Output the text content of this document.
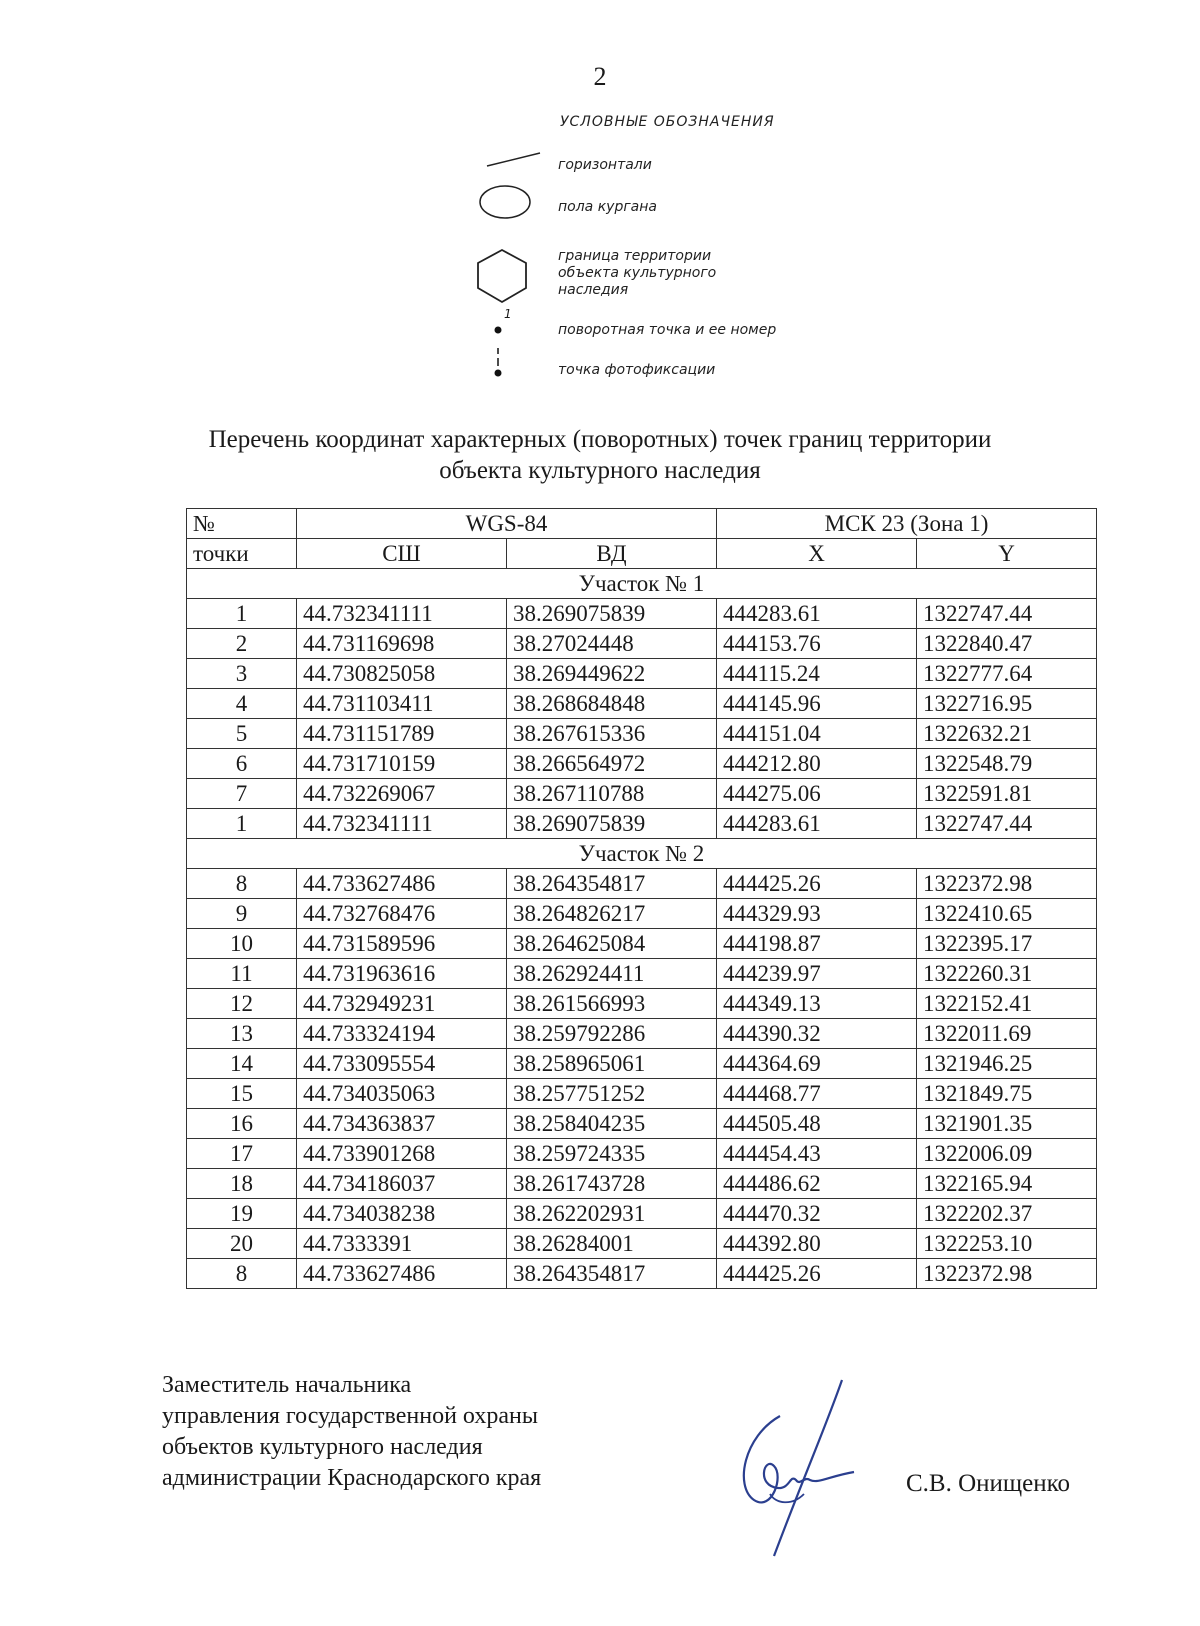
2
УСЛОВНЫЕ ОБОЗНАЧЕНИЯ
горизонтали
пола кургана
граница территории
объекта культурного
наследия
1
поворотная точка и ее номер
точка фотофиксации
Перечень координат характерных (поворотных) точек границ территории
объекта культурного наследия
№	WGS-84		МСК 23 (Зона 1)	
точки	СШ	ВД	X	Y
Участок № 1				
1	44.732341111	38.269075839	444283.61	1322747.44
2	44.731169698	38.27024448	444153.76	1322840.47
3	44.730825058	38.269449622	444115.24	1322777.64
4	44.731103411	38.268684848	444145.96	1322716.95
5	44.731151789	38.267615336	444151.04	1322632.21
6	44.731710159	38.266564972	444212.80	1322548.79
7	44.732269067	38.267110788	444275.06	1322591.81
1	44.732341111	38.269075839	444283.61	1322747.44
Участок № 2				
8	44.733627486	38.264354817	444425.26	1322372.98
9	44.732768476	38.264826217	444329.93	1322410.65
10	44.731589596	38.264625084	444198.87	1322395.17
11	44.731963616	38.262924411	444239.97	1322260.31
12	44.732949231	38.261566993	444349.13	1322152.41
13	44.733324194	38.259792286	444390.32	1322011.69
14	44.733095554	38.258965061	444364.69	1321946.25
15	44.734035063	38.257751252	444468.77	1321849.75
16	44.734363837	38.258404235	444505.48	1321901.35
17	44.733901268	38.259724335	444454.43	1322006.09
18	44.734186037	38.261743728	444486.62	1322165.94
19	44.734038238	38.262202931	444470.32	1322202.37
20	44.7333391	38.26284001	444392.80	1322253.10
8	44.733627486	38.264354817	444425.26	1322372.98
Заместитель начальника
управления государственной охраны
объектов культурного наследия
администрации Краснодарского края	С.В. Онищенко
